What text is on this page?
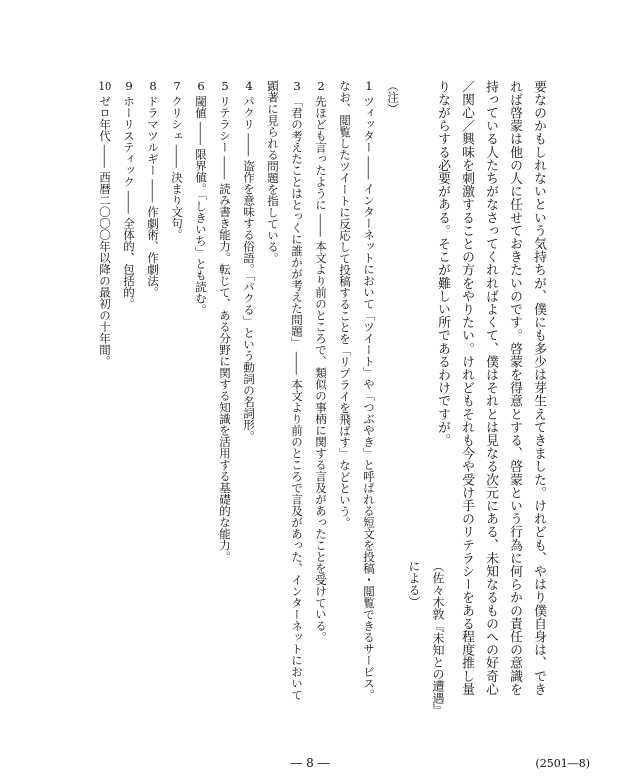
要なのかもしれないという気持ちが、僕にも多少は芽生えてきました。けれども、やはり僕自身は、できれば啓蒙は他の人に任せておきたいのです。啓蒙を得意とする、啓蒙という行為に何らかの責任の意識を持っている人たちがなさってくれればよくて、僕はそれとは見なる次元にある、未知なるものへの好奇心／関心／興味を刺激することの方をやりたい。けれどもそれも今や受け手のリテラシーをある程度推し量りながらする必要がある。そこが難しい所であるわけですが。

（佐々木敦『未知との遭遇』による）
（注）
1 ツィッター ―― インターネットにおいて「ツイート」や「つぶやき」と呼ばれる短文を投稿・閲覧できるサービス。なお、閲覧したツイートに反応して投稿することを「リプライを飛ばす」などという。
2 先ほども言ったように ―― 本文より前のところで、類似の事柄に関する言及があったことを受けている。
3 「君の考えたことはとっくに誰かが考えた問題」 ―― 本文より前のところで言及があった、インターネットにおいて顕著に見られる問題を指している。
4 パクリ ―― 盗作を意味する俗語。「パクる」という動詞の名詞形。
5 リテラシー ―― 読み書き能力。転じて、ある分野に関する知識を活用する基礎的な能力。
6 閾値 ―― 限界値。「しきいち」とも読む。
7 クリシェ ―― 決まり文句。
8 ドラマツルギー ―― 作劇術、作劇法。
9 ホーリスティック ―― 全体的、包括的。
10 ゼロ年代 ―― 西暦二〇〇〇年以降の最初の十年間。
― 8 ―	(2501―8)
